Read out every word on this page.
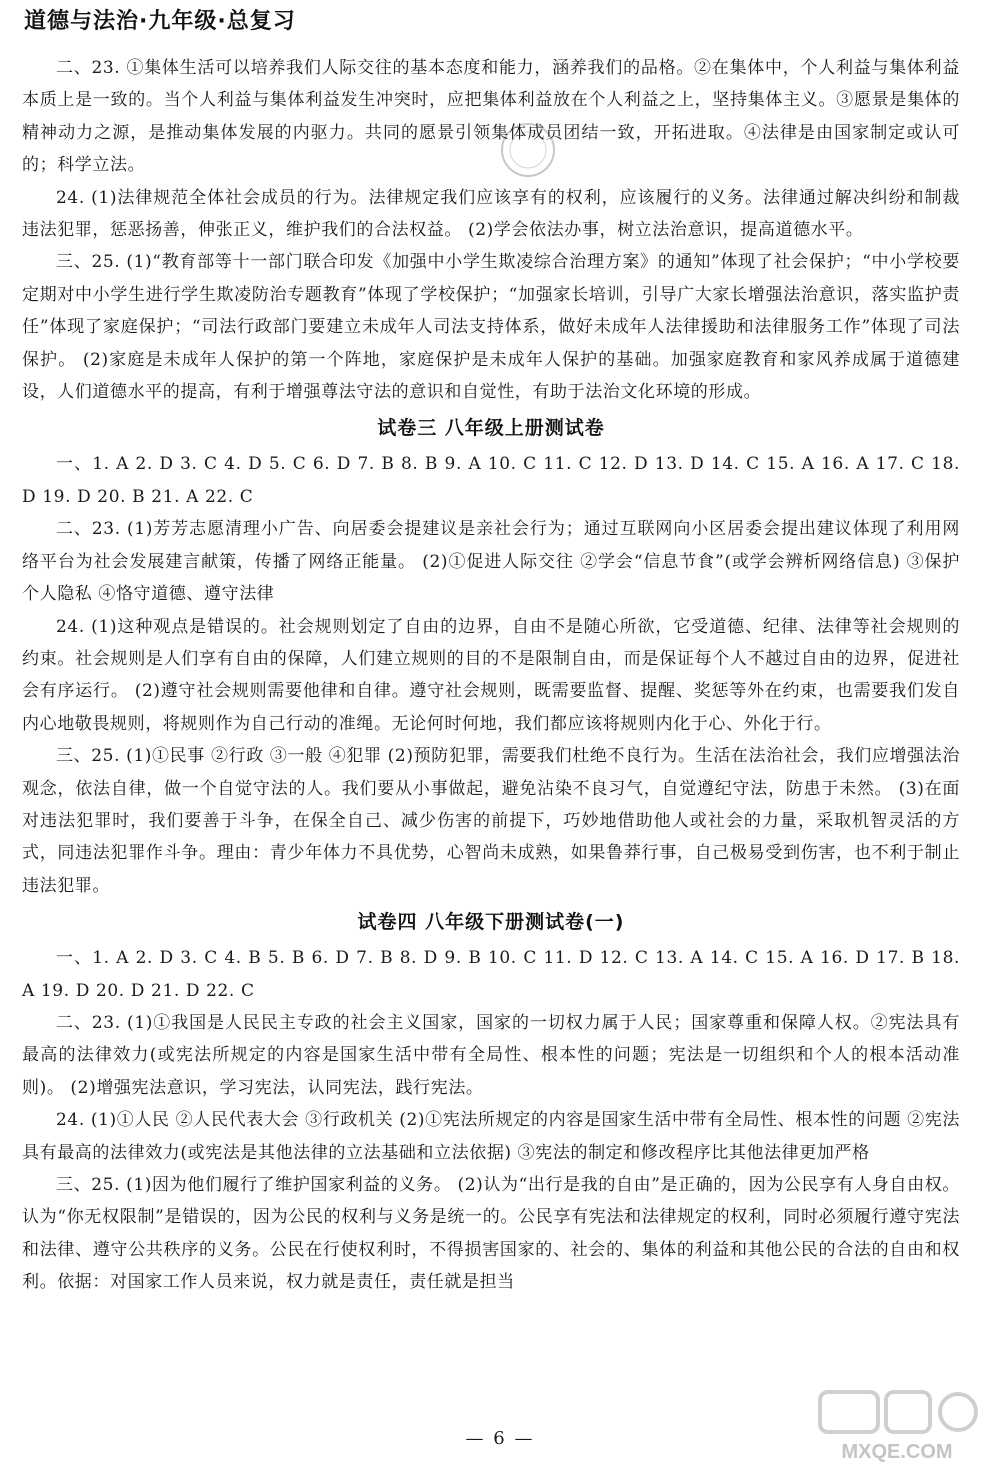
道德与法治·九年级·总复习

二、23. ①集体生活可以培养我们人际交往的基本态度和能力，涵养我们的品格。②在集体中，个人利益与集体利益本质上是一致的。当个人利益与集体利益发生冲突时，应把集体利益放在个人利益之上，坚持集体主义。③愿景是集体的精神动力之源，是推动集体发展的内驱力。共同的愿景引领集体成员团结一致，开拓进取。④法律是由国家制定或认可的；科学立法。

24. (1)法律规范全体社会成员的行为。法律规定我们应该享有的权利，应该履行的义务。法律通过解决纠纷和制裁违法犯罪，惩恶扬善，伸张正义，维护我们的合法权益。 (2)学会依法办事，树立法治意识，提高道德水平。

三、25. (1)“教育部等十一部门联合印发《加强中小学生欺凌综合治理方案》的通知”体现了社会保护；“中小学校要定期对中小学生进行学生欺凌防治专题教育”体现了学校保护；“加强家长培训，引导广大家长增强法治意识，落实监护责任”体现了家庭保护；“司法行政部门要建立未成年人司法支持体系，做好未成年人法律援助和法律服务工作”体现了司法保护。 (2)家庭是未成年人保护的第一个阵地，家庭保护是未成年人保护的基础。加强家庭教育和家风养成属于道德建设，人们道德水平的提高，有利于增强尊法守法的意识和自觉性，有助于法治文化环境的形成。

试卷三 八年级上册测试卷

一、1. A 2. D 3. C 4. D 5. C 6. D 7. B 8. B 9. A 10. C 11. C 12. D 13. D 14. C 15. A 16. A 17. C 18. D 19. D 20. B 21. A 22. C

二、23. (1)芳芳志愿清理小广告、向居委会提建议是亲社会行为；通过互联网向小区居委会提出建议体现了利用网络平台为社会发展建言献策，传播了网络正能量。 (2)①促进人际交往 ②学会“信息节食”(或学会辨析网络信息) ③保护个人隐私 ④恪守道德、遵守法律

24. (1)这种观点是错误的。社会规则划定了自由的边界，自由不是随心所欲，它受道德、纪律、法律等社会规则的约束。社会规则是人们享有自由的保障，人们建立规则的目的不是限制自由，而是保证每个人不越过自由的边界，促进社会有序运行。 (2)遵守社会规则需要他律和自律。遵守社会规则，既需要监督、提醒、奖惩等外在约束，也需要我们发自内心地敬畏规则，将规则作为自己行动的准绳。无论何时何地，我们都应该将规则内化于心、外化于行。

三、25. (1)①民事 ②行政 ③一般 ④犯罪 (2)预防犯罪，需要我们杜绝不良行为。生活在法治社会，我们应增强法治观念，依法自律，做一个自觉守法的人。我们要从小事做起，避免沾染不良习气，自觉遵纪守法，防患于未然。 (3)在面对违法犯罪时，我们要善于斗争，在保全自己、减少伤害的前提下，巧妙地借助他人或社会的力量，采取机智灵活的方式，同违法犯罪作斗争。理由：青少年体力不具优势，心智尚未成熟，如果鲁莽行事，自己极易受到伤害，也不利于制止违法犯罪。

试卷四 八年级下册测试卷(一)

一、1. A 2. D 3. C 4. B 5. B 6. D 7. B 8. D 9. B 10. C 11. D 12. C 13. A 14. C 15. A 16. D 17. B 18. A 19. D 20. D 21. D 22. C

二、23. (1)①我国是人民民主专政的社会主义国家，国家的一切权力属于人民；国家尊重和保障人权。②宪法具有最高的法律效力(或宪法所规定的内容是国家生活中带有全局性、根本性的问题；宪法是一切组织和个人的根本活动准则)。 (2)增强宪法意识，学习宪法，认同宪法，践行宪法。

24. (1)①人民 ②人民代表大会 ③行政机关 (2)①宪法所规定的内容是国家生活中带有全局性、根本性的问题 ②宪法具有最高的法律效力(或宪法是其他法律的立法基础和立法依据) ③宪法的制定和修改程序比其他法律更加严格

三、25. (1)因为他们履行了维护国家利益的义务。 (2)认为“出行是我的自由”是正确的，因为公民享有人身自由权。认为“你无权限制”是错误的，因为公民的权利与义务是统一的。公民享有宪法和法律规定的权利，同时必须履行遵守宪法和法律、遵守公共秩序的义务。公民在行使权利时，不得损害国家的、社会的、集体的利益和其他公民的合法的自由和权利。依据：对国家工作人员来说，权力就是责任，责任就是担当

— 6 —
MXQE.COM
